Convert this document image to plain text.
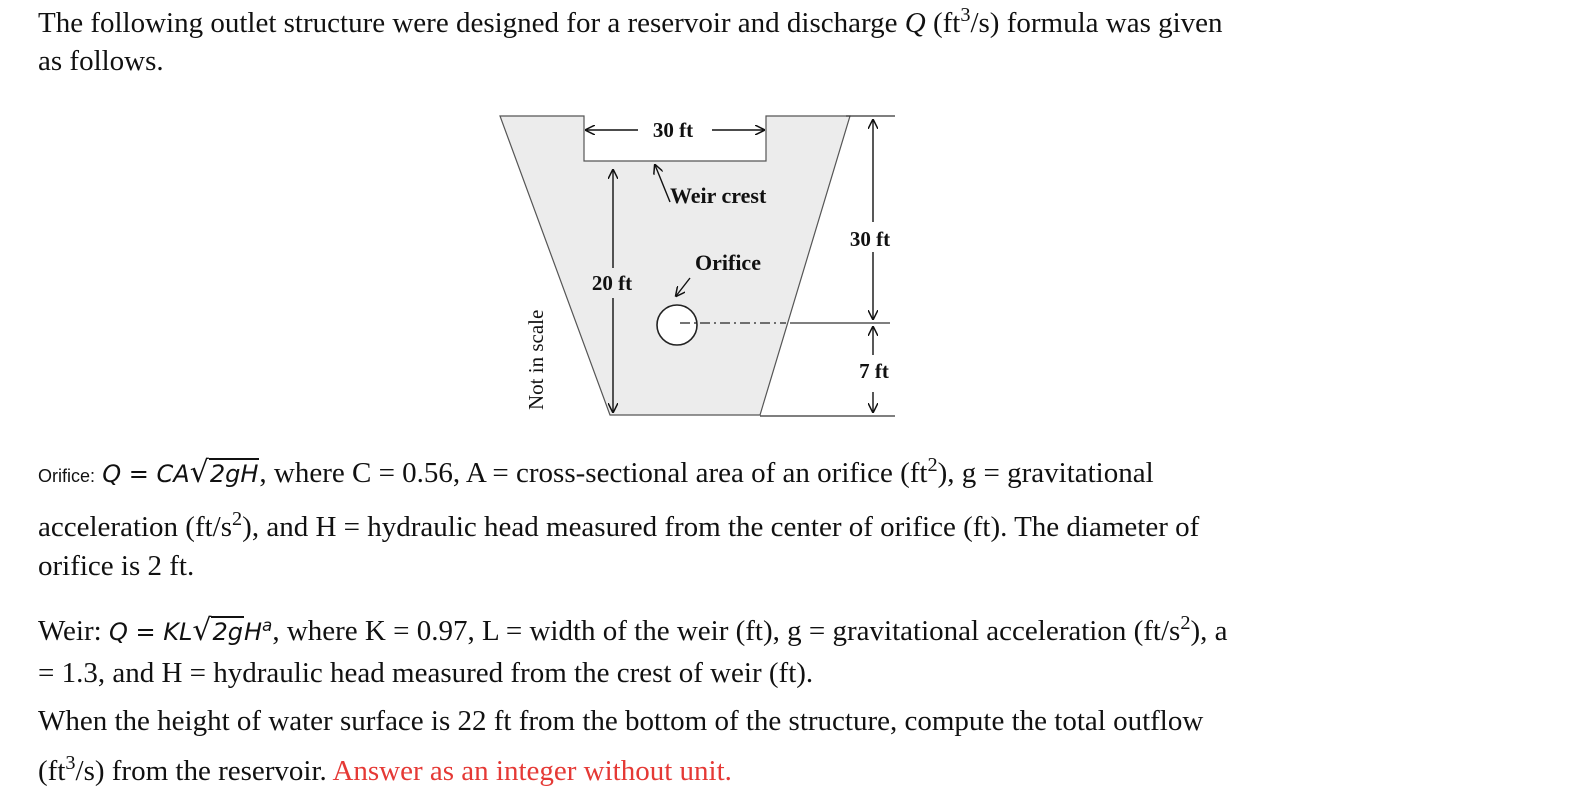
The following outlet structure were designed for a reservoir and discharge Q $(ft^3/s)$ formula was given
as follows.
30 ft
Weir crest
20 ft
Orifice
30 ft
7 ft
Not in scale
Orifice: Q = CA√2gH, where C = 0.56, A = cross-sectional area of an orifice $(ft^2)$, g = gravitational
acceleration $(ft/s^2)$, and H = hydraulic head measured from the center of orifice (ft). The diameter of
orifice is 2 ft.
Weir: $Q = KL√2gH^a$, where K = 0.97, L = width of the weir (ft), g = gravitational acceleration $(ft/s^2)$, a
= 1.3, and H = hydraulic head measured from the crest of weir (ft).
When the height of water surface is 22 ft from the bottom of the structure, compute the total outflow
$(ft^3/s)$ from the reservoir. Answer as an integer without unit.
